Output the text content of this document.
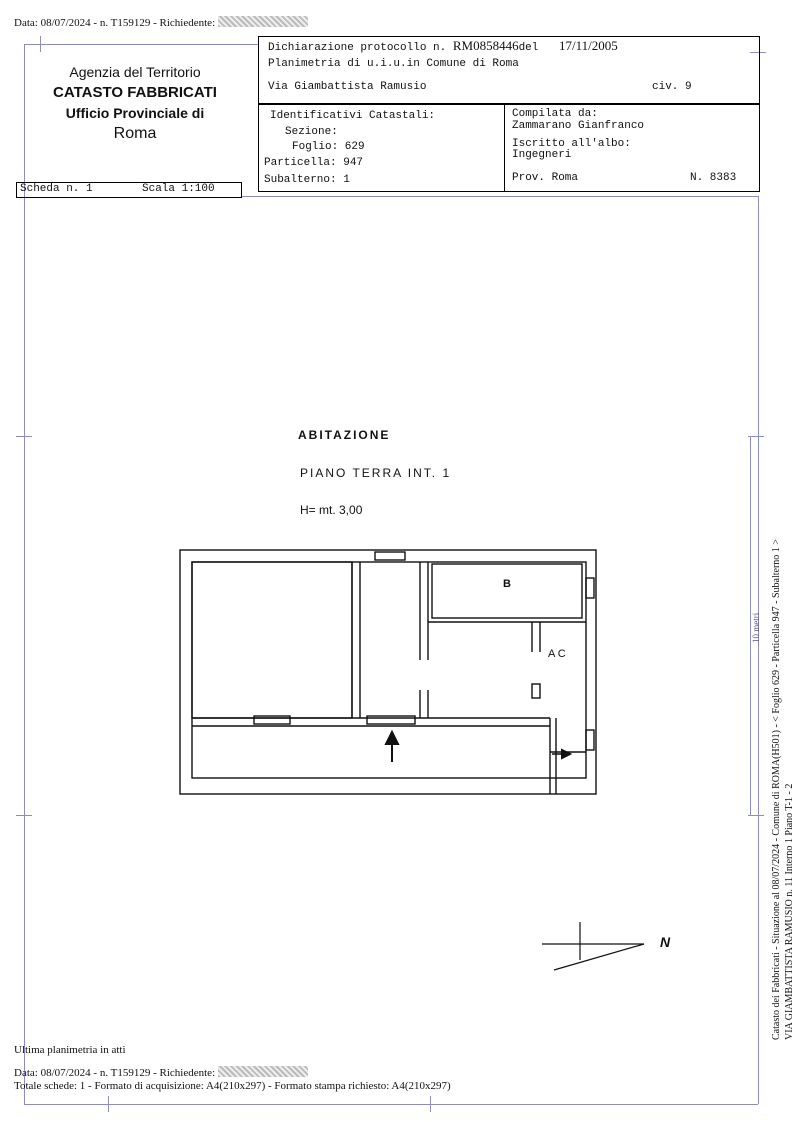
Data: 08/07/2024 - n. T159129 - Richiedente:
Agenzia del Territorio
CATASTO FABBRICATI
Ufficio Provinciale di
Roma
Dichiarazione protocollo n. RM0858446del 17/11/2005
Planimetria di u.i.u.in Comune di Roma
Via Giambattista Ramusio	civ. 9
Identificativi Catastali:
Sezione:
Foglio: 629
Particella: 947
Subalterno: 1
Compilata da:
Zammarano Gianfranco
Iscritto all'albo:
Ingegneri
Prov. Roma	N. 8383
Scheda n. 1	Scala 1:100
ABITAZIONE
PIANO TERRA INT. 1
H= mt. 3,00
B
A C
N
10 metri Catasto dei Fabbricati - Situazione al 08/07/2024 - Comune di ROMA(H501) - < Foglio 629 - Particella 947 - Subalterno 1 > VIA GIAMBATTISTA RAMUSIO n. 11 Interno 1 Piano T-1 - 2
Ultima planimetria in atti
Data: 08/07/2024 - n. T159129 - Richiedente:
Totale schede: 1 - Formato di acquisizione: A4(210x297) - Formato stampa richiesto: A4(210x297)
